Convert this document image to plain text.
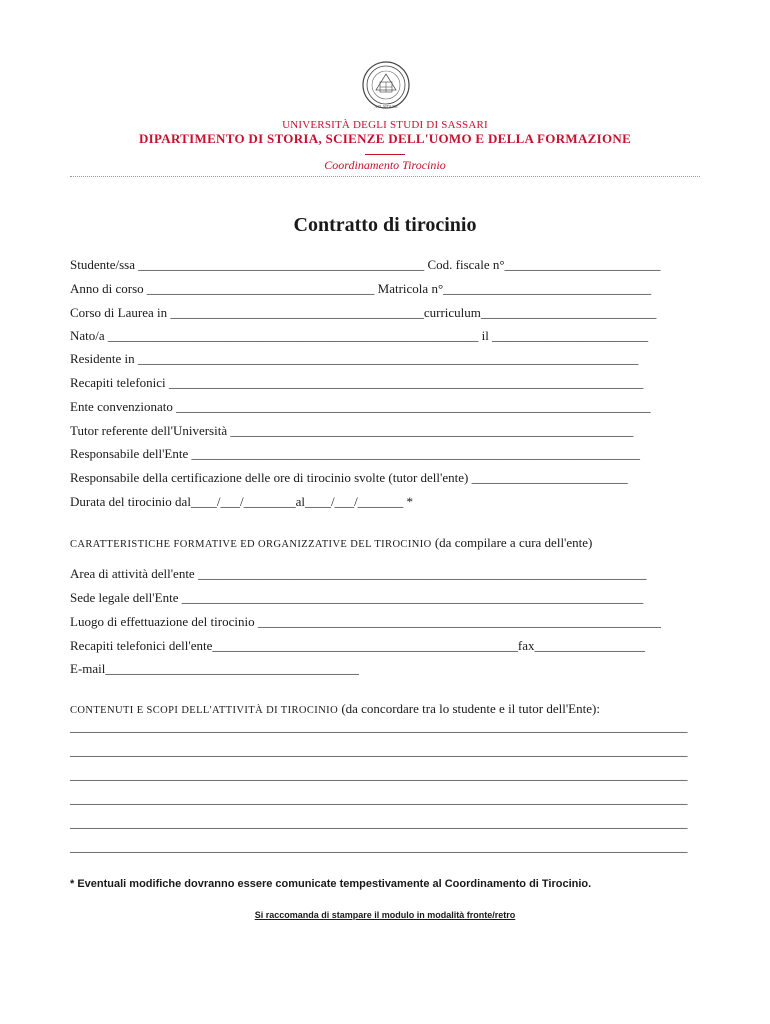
A.D. MDLXII
UNIVERSITÀ DEGLI STUDI DI SASSARI
DIPARTIMENTO DI STORIA, SCIENZE DELL'UOMO E DELLA FORMAZIONE
Coordinamento Tirocinio
Contratto di tirocinio
Studente/ssa ____________________________________________ Cod. fiscale n°________________________
Anno di corso ___________________________________ Matricola n°________________________________
Corso di Laurea in _______________________________________curriculum___________________________
Nato/a _________________________________________________________ il ________________________
Residente in _____________________________________________________________________________
Recapiti telefonici _________________________________________________________________________
Ente convenzionato _________________________________________________________________________
Tutor referente dell'Università ______________________________________________________________
Responsabile dell'Ente _____________________________________________________________________
Responsabile della certificazione delle ore di tirocinio svolte (tutor dell'ente) ________________________
Durata del tirocinio dal____/___/________al____/___/_______ *
CARATTERISTICHE FORMATIVE ED ORGANIZZATIVE DEL TIROCINIO (da compilare a cura dell'ente)
Area di attività dell'ente _____________________________________________________________________
Sede legale dell'Ente _______________________________________________________________________
Luogo di effettuazione del tirocinio ______________________________________________________________
Recapiti telefonici dell'ente_______________________________________________fax_________________
E-mail_______________________________________
CONTENUTI E SCOPI DELL'ATTIVITÀ DI TIROCINIO (da concordare tra lo studente e il tutor dell'Ente):
_______________________________________________________________________________________________
_______________________________________________________________________________________________
_______________________________________________________________________________________________
_______________________________________________________________________________________________
_______________________________________________________________________________________________
_______________________________________________________________________________________________
* Eventuali modifiche dovranno essere comunicate tempestivamente al Coordinamento di Tirocinio.
Si raccomanda di stampare il modulo in modalità fronte/retro
